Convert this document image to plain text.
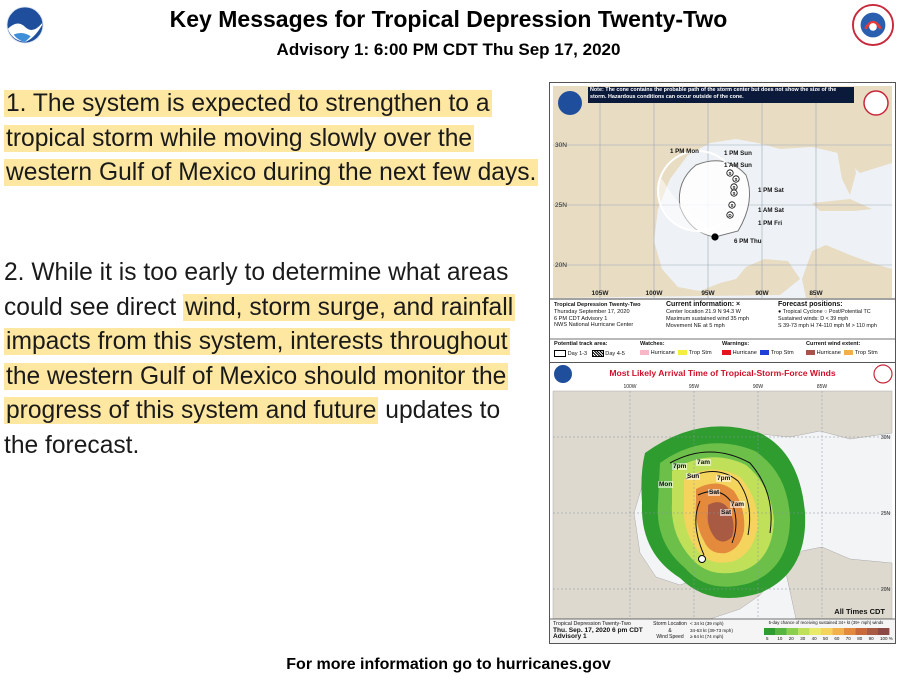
Key Messages for Tropical Depression Twenty-Two
Advisory 1: 6:00 PM CDT Thu Sep 17, 2020
1. The system is expected to strengthen to a tropical storm while moving slowly over the western Gulf of Mexico during the next few days.
2. While it is too early to determine what areas could see direct wind, storm surge, and rainfall impacts from this system, interests throughout the western Gulf of Mexico should monitor the progress of this system and future updates to the forecast.
S
S
S
S
S
D
30N
25N
20N
105W	100W	95W	90W	85W
Note: The cone contains the probable path of the storm center but does not show the size of the storm. Hazardous conditions can occur outside of the cone.
1 PM Mon	1 PM Sun
1 AM Sun
1 PM Sat
1 AM Sat
1 PM Fri
6 PM Thu
Tropical Depression Twenty-Two
Thursday September 17, 2020
6 PM CDT Advisory 1
NWS National Hurricane Center
Current information: ×
Center location 21.9 N 94.3 W
Maximum sustained wind 35 mph
Movement NE at 5 mph
Forecast positions:
● Tropical Cyclone ○ Post/Potential TC
Sustained winds: D < 39 mph
S 39-73 mph H 74-110 mph M > 110 mph
Potential track area:
Day 1-3	Day 4-5
Watches:
Hurricane	Trop Stm
Warnings:
Hurricane	Trop Stm
Current wind extent:
Hurricane	Trop Stm
30N
25N
20N
100W	95W	90W	85W
Most Likely Arrival Time of Tropical-Storm-Force Winds
Mon
7pm
Sun
7am
Sat
7pm
Sat
7am
All Times CDT
Tropical Depression Twenty-Two
Thu. Sep. 17, 2020 6 pm CDT
Advisory 1
Storm Location
&
Wind Speed
< 34 kt (39 mph)
34-63 kt (39-73 mph)
≥ 64 kt (74 mph)
5-day chance of receiving sustained 34+ kt (39+ mph) winds
5 10 20 30 40 50 60 70 80 90 100 %
For more information go to hurricanes.gov
